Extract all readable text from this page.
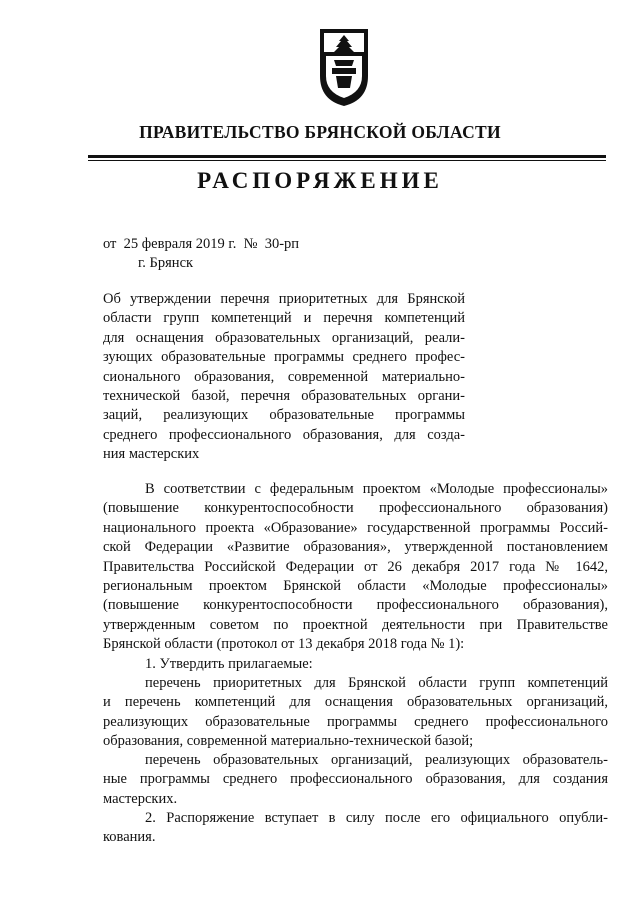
ПРАВИТЕЛЬСТВО БРЯНСКОЙ ОБЛАСТИ
РАСПОРЯЖЕНИЕ
от  25 февраля 2019 г.  №  30-рп
г. Брянск
Об утверждении перечня приоритетных для Брянской
области групп компетенций и перечня компетенций
для оснащения образовательных организаций, реали-
зующих образовательные программы среднего профес-
сионального образования, современной материально-
технической базой, перечня образовательных органи-
заций, реализующих образовательные программы
среднего профессионального образования, для созда-
ния мастерских
В соответствии с федеральным проектом «Молодые профессионалы»
(повышение конкурентоспособности профессионального образования)
национального проекта «Образование» государственной программы Россий-
ской Федерации «Развитие образования», утвержденной постановлением
Правительства Российской Федерации от 26 декабря 2017 года № 1642,
региональным проектом Брянской области «Молодые профессионалы»
(повышение конкурентоспособности профессионального образования),
утвержденным советом по проектной деятельности при Правительстве
Брянской области (протокол от 13 декабря 2018 года № 1):
1. Утвердить прилагаемые:
перечень приоритетных для Брянской области групп компетенций
и перечень компетенций для оснащения образовательных организаций,
реализующих образовательные программы среднего профессионального
образования, современной материально-технической базой;
перечень образовательных организаций, реализующих образователь-
ные программы среднего профессионального образования, для создания
мастерских.
2. Распоряжение вступает в силу после его официального опубли-
кования.
